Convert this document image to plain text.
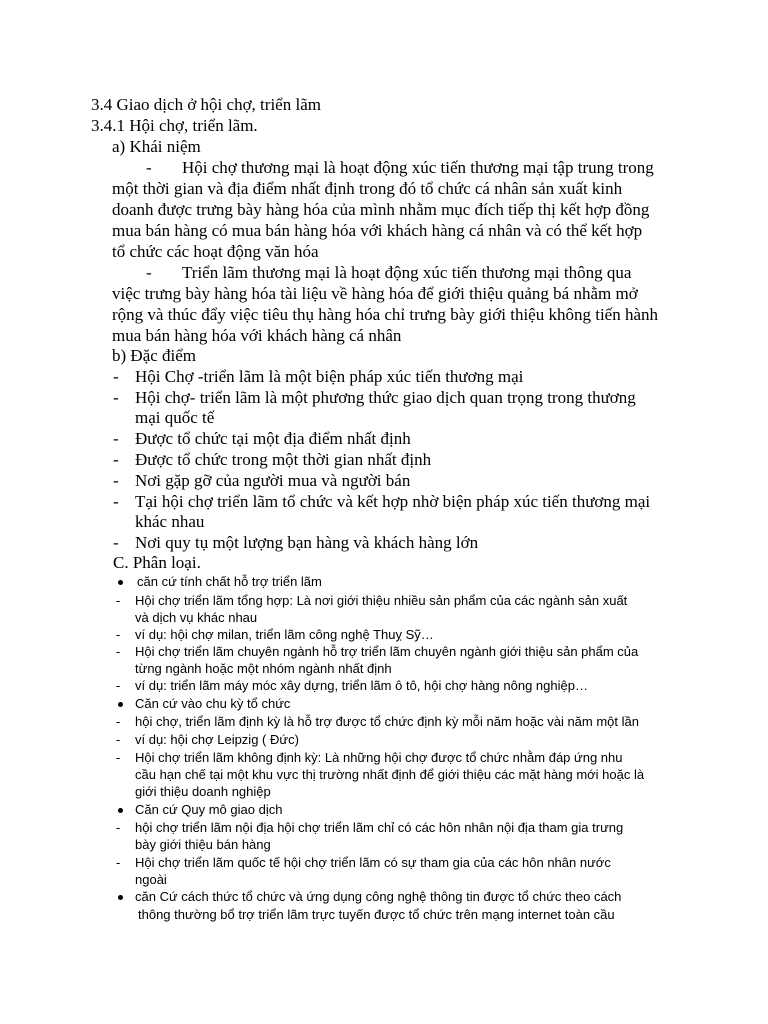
3.4 Giao dịch ở hội chợ, triển lãm
3.4.1 Hội chợ, triển lãm.
a) Khái niệm
- Hội chợ thương mại là hoạt động xúc tiến thương mại tập trung trong
một thời gian và địa điểm nhất định trong đó tổ chức cá nhân sản xuất kinh
doanh được trưng bày hàng hóa của mình nhằm mục đích tiếp thị kết hợp đồng
mua bán hàng có mua bán hàng hóa với khách hàng cá nhân và có thể kết hợp
tổ chức các hoạt động văn hóa
- Triển lãm thương mại là hoạt động xúc tiến thương mại thông qua
việc trưng bày hàng hóa tài liệu về hàng hóa để giới thiệu quảng bá nhằm mở
rộng và thúc đẩy việc tiêu thụ hàng hóa chỉ trưng bày giới thiệu không tiến hành
mua bán hàng hóa với khách hàng cá nhân
b) Đặc điểm
- Hội Chợ -triển lãm là một biện pháp xúc tiến thương mại
- Hội chợ- triển lãm là một phương thức giao dịch quan trọng trong thương
mại quốc tế
- Được tổ chức tại một địa điểm nhất định
- Được tổ chức trong một thời gian nhất định
- Nơi gặp gỡ của người mua và người bán
- Tại hội chợ triển lãm tổ chức và kết hợp nhờ biện pháp xúc tiến thương mại
khác nhau
- Nơi quy tụ một lượng bạn hàng và khách hàng lớn
C. Phân loại.
căn cứ tính chất hỗ trợ triển lãm
- Hội chợ triển lãm tổng hợp: Là nơi giới thiệu nhiều sản phẩm của các ngành sản xuất
và dịch vụ khác nhau
- ví dụ: hội chợ milan, triển lãm công nghệ Thuỵ Sỹ…
- Hội chợ triển lãm chuyên ngành hỗ trợ triển lãm chuyên ngành giới thiệu sản phẩm của
từng ngành hoặc một nhóm ngành nhất định
- ví dụ: triển lãm máy móc xây dựng, triển lãm ô tô, hội chợ hàng nông nghiệp…
Căn cứ vào chu kỳ tổ chức
- hội chợ, triển lãm định kỳ là hỗ trợ được tổ chức định kỳ mỗi năm hoặc vài năm một lần
- ví dụ: hội chợ Leipzig ( Đức)
- Hội chợ triển lãm không định kỳ: Là những hội chợ được tổ chức nhằm đáp ứng nhu
cầu hạn chế tại một khu vực thị trường nhất định để giới thiệu các mặt hàng mới hoặc là
giới thiệu doanh nghiệp
Căn cứ Quy mô giao dịch
- hội chợ triển lãm nội địa hội chợ triển lãm chỉ có các hôn nhân nội địa tham gia trưng
bày giới thiệu bán hàng
- Hội chợ triển lãm quốc tế hội chợ triển lãm có sự tham gia của các hôn nhân nước
ngoài
căn Cứ cách thức tổ chức và ứng dụng công nghệ thông tin được tổ chức theo cách
thông thường bổ trợ triển lãm trực tuyến được tổ chức trên mạng internet toàn cầu
